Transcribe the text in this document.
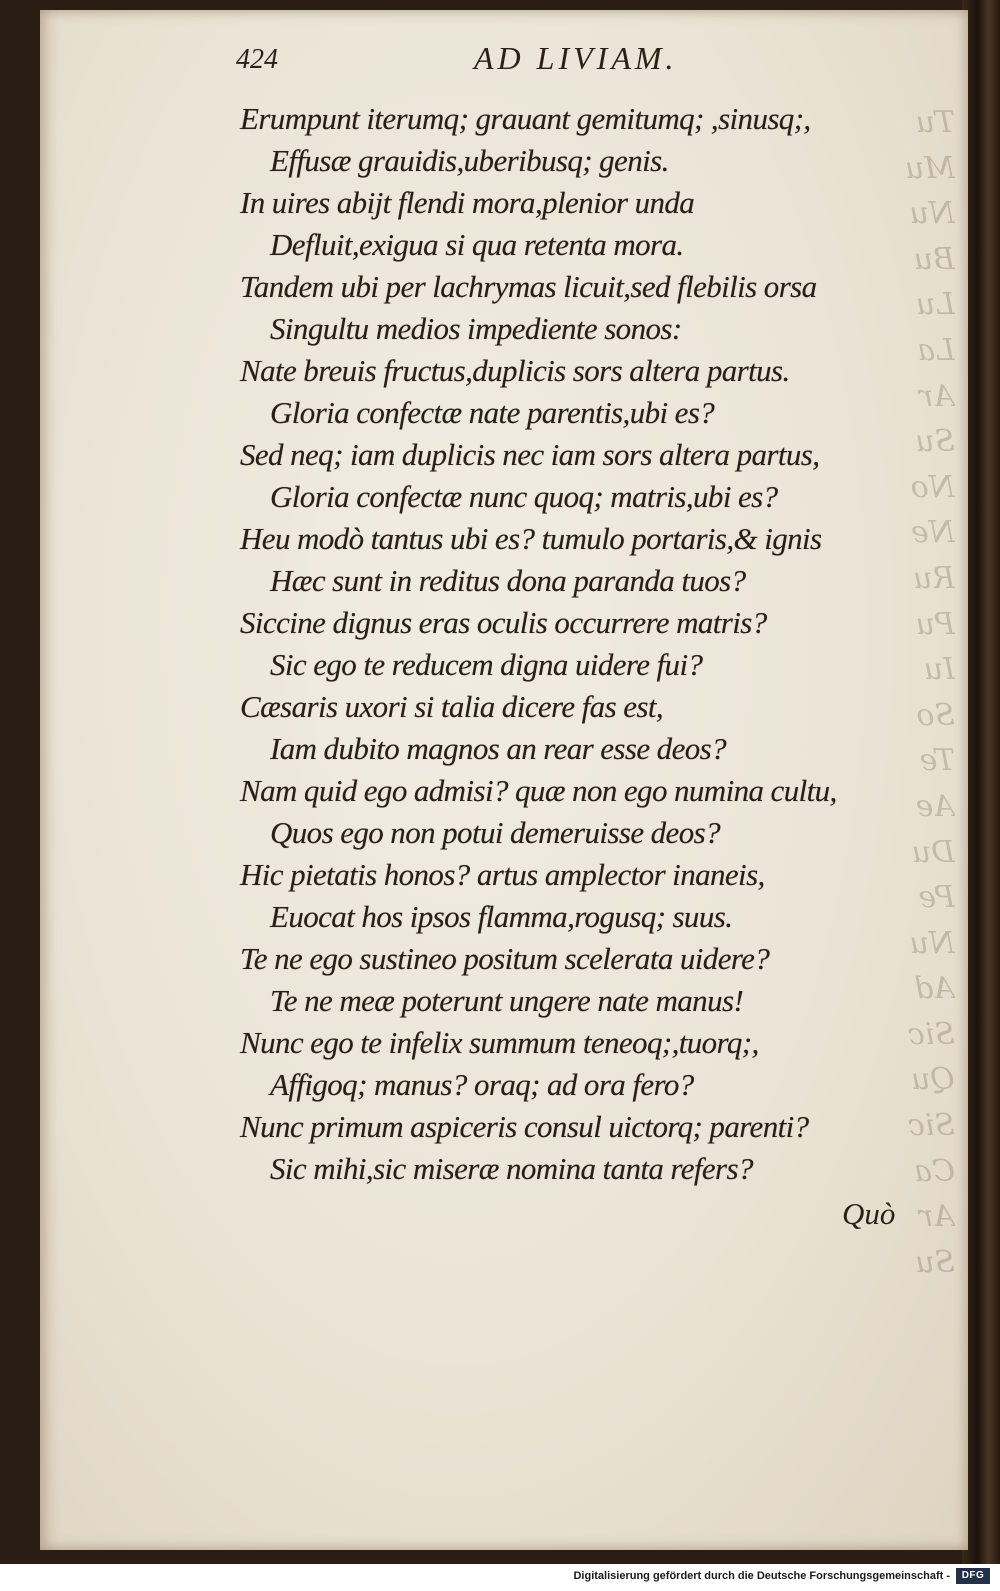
Tu
Mu
Nu
Bu
Lu
La
Ar
Su
No
Ne
Ru
Pu
Iu
So
Te
Ae
Du
Pe
Nu
Ad
Sic
Qu
Sic
Ca
Ar
Su
424	AD LIVIAM.
Erumpunt iterumq; grauant gemitumq; ,sinusq;,
Effusæ grauidis,uberibusq; genis.
In uires abijt flendi mora,plenior unda
Defluit,exigua si qua retenta mora.
Tandem ubi per lachrymas licuit,sed flebilis orsa
Singultu medios impediente sonos:
Nate breuis fructus,duplicis sors altera partus.
Gloria confectæ nate parentis,ubi es?
Sed neq; iam duplicis nec iam sors altera partus,
Gloria confectæ nunc quoq; matris,ubi es?
Heu modò tantus ubi es? tumulo portaris,& ignis
Hæc sunt in reditus dona paranda tuos?
Siccine dignus eras oculis occurrere matris?
Sic ego te reducem digna uidere fui?
Cæsaris uxori si talia dicere fas est,
Iam dubito magnos an rear esse deos?
Nam quid ego admisi? quæ non ego numina cultu,
Quos ego non potui demeruisse deos?
Hic pietatis honos? artus amplector inaneis,
Euocat hos ipsos flamma,rogusq; suus.
Te ne ego sustineo positum scelerata uidere?
Te ne meæ poterunt ungere nate manus!
Nunc ego te infelix summum teneoq;,tuorq;,
Affigoq; manus? oraq; ad ora fero?
Nunc primum aspiceris consul uictorq; parenti?
Sic mihi,sic miseræ nomina tanta refers?
Quò
Digitalisierung gefördert durch die Deutsche Forschungsgemeinschaft -	DFG
